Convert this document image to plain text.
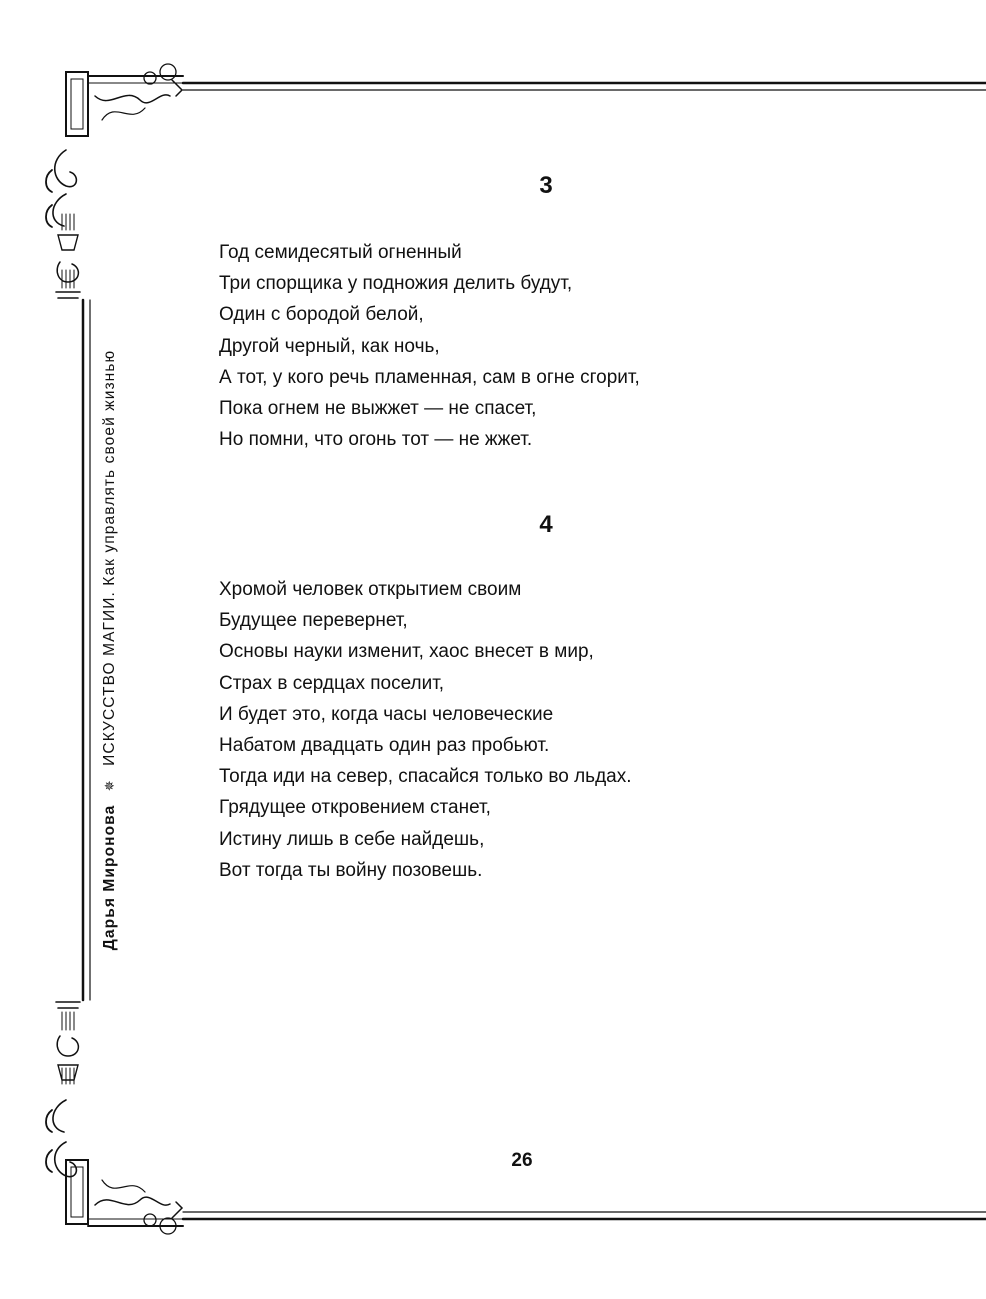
Дарья Миронова ✵ ИСКУССТВО МАГИИ. Как управлять своей жизнью
3
Год семидесятый огненный
Три спорщика у подножия делить будут,
Один с бородой белой,
Другой черный, как ночь,
А тот, у кого речь пламенная, сам в огне сгорит,
Пока огнем не выжжет — не спасет,
Но помни, что огонь тот — не жжет.
4
Хромой человек открытием своим
Будущее перевернет,
Основы науки изменит, хаос внесет в мир,
Страх в сердцах поселит,
И будет это, когда часы человеческие
Набатом двадцать один раз пробьют.
Тогда иди на север, спасайся только во льдах.
Грядущее откровением станет,
Истину лишь в себе найдешь,
Вот тогда ты войну позовешь.
26
